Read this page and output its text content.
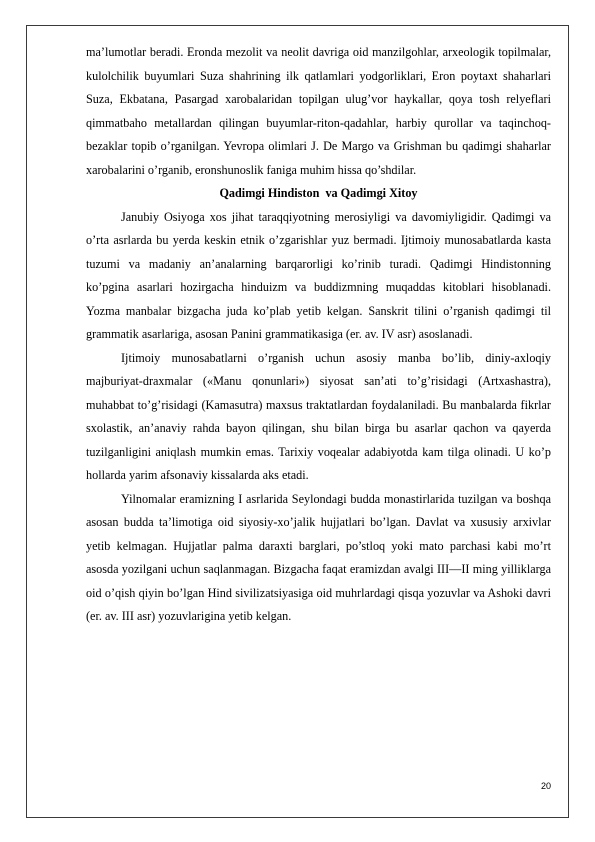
ma’lumotlar beradi. Eronda mezolit va neolit davriga oid manzilgohlar, arxeologik topilmalar, kulolchilik buyumlari Suza shahrining ilk qatlamlari yodgorliklari, Eron poytaxt shaharlari Suza, Ekbatana, Pasargad xarobalaridan topilgan ulug’vor haykallar, qoya tosh relyeflari qimmatbaho metallardan qilingan buyumlar-riton-qadahlar, harbiy qurollar va taqinchoq-bezaklar topib o’rganilgan. Yevropa olimlari J. De Margo va Grishman bu qadimgi shaharlar xarobalarini o’rganib, eronshunoslik faniga muhim hissa qo’shdilar.

Qadimgi Hindiston  va Qadimgi Xitoy

Janubiy Osiyoga xos jihat taraqqiyotning merosiyligi va davomiyligidir. Qadimgi va o’rta asrlarda bu yerda keskin etnik o’zgarishlar yuz bermadi. Ijtimoiy munosabatlarda kasta tuzumi va madaniy an’analarning barqarorligi ko’rinib turadi. Qadimgi Hindistonning ko’pgina asarlari hozirgacha hinduizm va buddizmning muqaddas kitoblari hisoblanadi. Yozma manbalar bizgacha juda ko’plab yetib kelgan. Sanskrit tilini o’rganish qadimgi til grammatik asarlariga, asosan Panini grammatikasiga (er. av. IV asr) asoslanadi.

Ijtimoiy munosabatlarni o’rganish uchun asosiy manba bo’lib, diniy-axloqiy majburiyat-draxmalar («Manu qonunlari») siyosat san’ati to’g’risidagi (Artxashastra), muhabbat to’g’risidagi (Kamasutra) maxsus traktatlardan foydalaniladi. Bu manbalarda fikrlar sxolastik, an’anaviy rahda bayon qilingan, shu bilan birga bu asarlar qachon va qayerda tuzilganligini aniqlash mumkin emas. Tarixiy voqealar adabiyotda kam tilga olinadi. U ko’p hollarda yarim afsonaviy kissalarda aks etadi.

Yilnomalar eramizning I asrlarida Seylondagi budda monastirlarida tuzilgan va boshqa asosan budda ta’limotiga oid siyosiy-xo’jalik hujjatlari bo’lgan. Davlat va xususiy arxivlar yetib kelmagan. Hujjatlar palma daraxti barglari, po’stloq yoki mato parchasi kabi mo’rt asosda yozilgani uchun saqlanmagan. Bizgacha faqat eramizdan avalgi III—II ming yilliklarga oid o’qish qiyin bo’lgan Hind sivilizatsiyasiga oid muhrlardagi qisqa yozuvlar va Ashoki davri (er. av. III asr) yozuvlarigina yetib kelgan.

20
